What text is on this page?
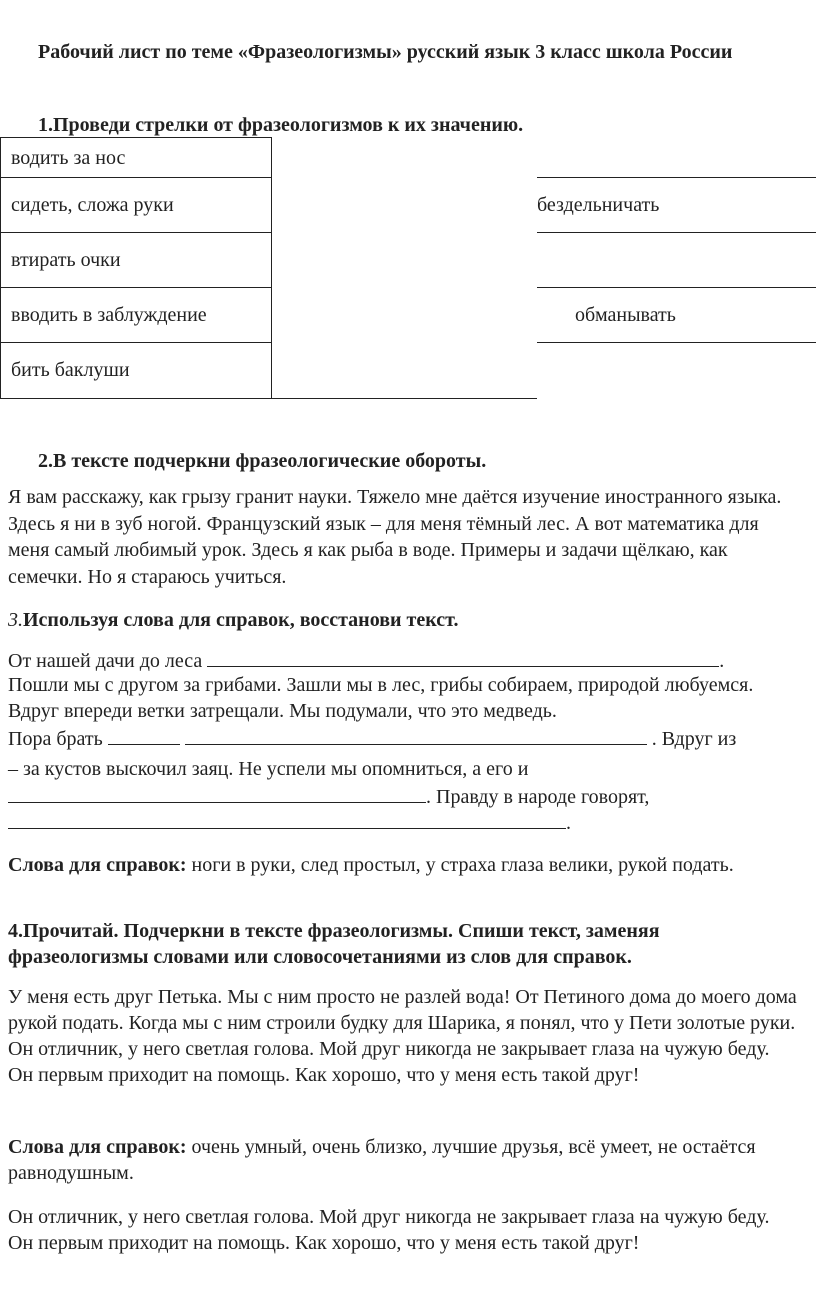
Рабочий лист по теме «Фразеологизмы» русский язык 3 класс школа России
1.Проведи стрелки от фразеологизмов к их значению.
водить за нос
сидеть, сложа руки
втирать очки
вводить в заблуждение
бить баклуши
бездельничать
обманывать
2.В тексте подчеркни фразеологические обороты.
Я вам расскажу, как грызу гранит науки. Тяжело мне даётся изучение иностранного языка. Здесь я ни в зуб ногой. Французский язык – для меня тёмный лес. А вот математика для меня самый любимый урок. Здесь я как рыба в воде. Примеры и задачи щёлкаю, как семечки. Но я стараюсь учиться.
3.Используя слова для справок, восстанови текст.
От нашей дачи до леса	.
Пошли мы с другом за грибами. Зашли мы в лес, грибы собираем, природой любуемся. Вдруг впереди ветки затрещали. Мы подумали, что это медведь.
Пора брать	. Вдруг из
– за кустов выскочил заяц. Не успели мы опомниться, а его и
. Правду в народе говорят,
.
Слова для справок: ноги в руки, след простыл, у страха глаза велики, рукой подать.
4.Прочитай. Подчеркни в тексте фразеологизмы. Спиши текст, заменяя фразеологизмы словами или словосочетаниями из слов для справок.
У меня есть друг Петька. Мы с ним просто не разлей вода! От Петиного дома до моего дома рукой подать. Когда мы с ним строили будку для Шарика, я понял, что у Пети золотые руки. Он отличник, у него светлая голова. Мой друг никогда не закрывает глаза на чужую беду. Он первым приходит на помощь. Как хорошо, что у меня есть такой друг!
Слова для справок: очень умный, очень близко, лучшие друзья, всё умеет, не остаётся равнодушным.
Он отличник, у него светлая голова. Мой друг никогда не закрывает глаза на чужую беду. Он первым приходит на помощь. Как хорошо, что у меня есть такой друг!
